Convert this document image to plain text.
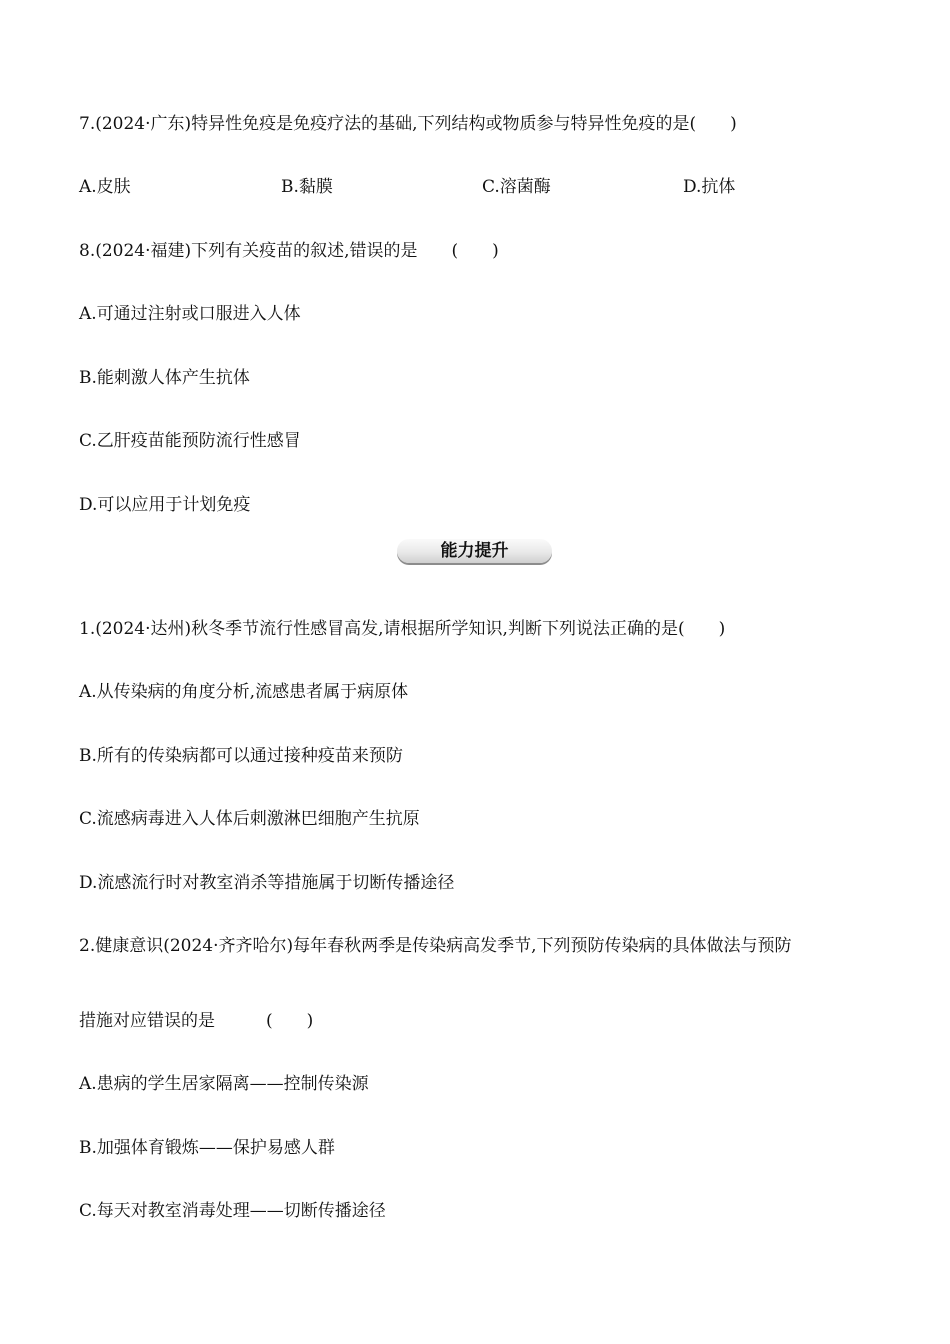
7.(2024·广东)特异性免疫是免疫疗法的基础,下列结构或物质参与特异性免疫的是(  )
A.皮肤	B.黏膜	C.溶菌酶	D.抗体
8.(2024·福建)下列有关疫苗的叙述,错误的是  (  )
A.可通过注射或口服进入人体
B.能刺激人体产生抗体
C.乙肝疫苗能预防流行性感冒
D.可以应用于计划免疫
能力提升
1.(2024·达州)秋冬季节流行性感冒高发,请根据所学知识,判断下列说法正确的是(  )
A.从传染病的角度分析,流感患者属于病原体
B.所有的传染病都可以通过接种疫苗来预防
C.流感病毒进入人体后刺激淋巴细胞产生抗原
D.流感流行时对教室消杀等措施属于切断传播途径
2.健康意识(2024·齐齐哈尔)每年春秋两季是传染病高发季节,下列预防传染病的具体做法与预防
措施对应错误的是   (  )
A.患病的学生居家隔离——控制传染源
B.加强体育锻炼——保护易感人群
C.每天对教室消毒处理——切断传播途径
